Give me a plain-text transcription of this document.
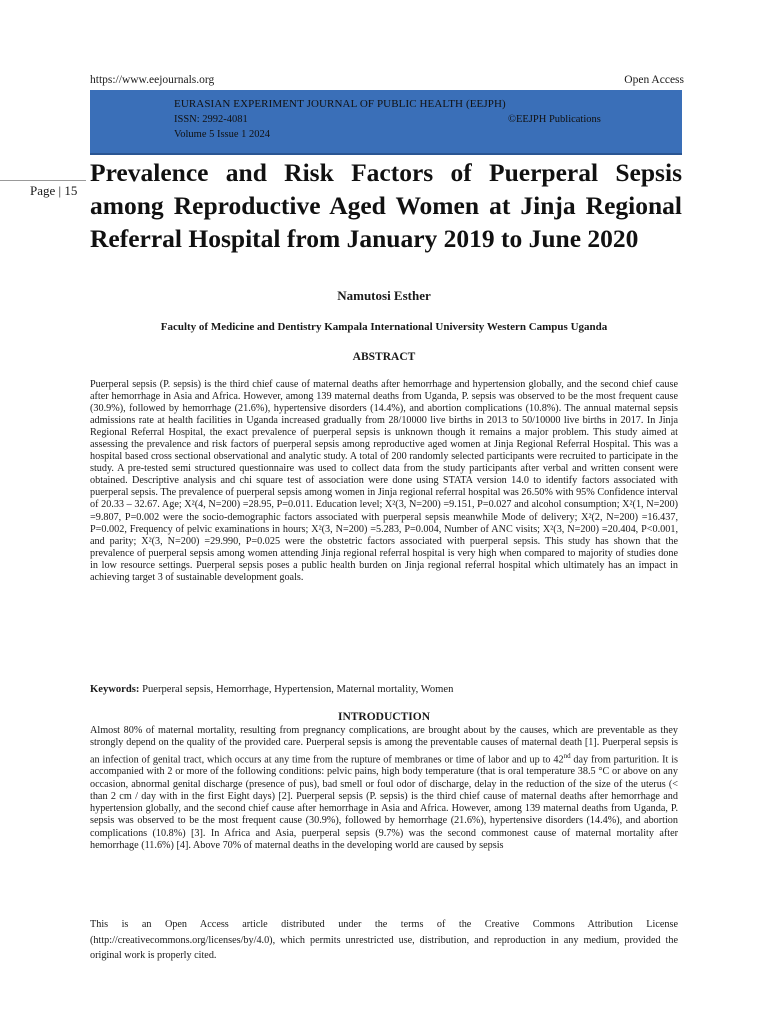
https://www.eejournals.org	Open Access
EURASIAN EXPERIMENT JOURNAL OF PUBLIC HEALTH (EEJPH)
ISSN: 2992-4081	©EEJPH Publications
Volume 5 Issue 1 2024
Page | 15
Prevalence and Risk Factors of Puerperal Sepsis among Reproductive Aged Women at Jinja Regional Referral Hospital from January 2019 to June 2020
Namutosi Esther
Faculty of Medicine and Dentistry Kampala International University Western Campus Uganda
ABSTRACT

Puerperal sepsis (P. sepsis) is the third chief cause of maternal deaths after hemorrhage and hypertension globally, and the second chief cause after hemorrhage in Asia and Africa. However, among 139 maternal deaths from Uganda, P. sepsis was observed to be the most frequent cause (30.9%), followed by hemorrhage (21.6%), hypertensive disorders (14.4%), and abortion complications (10.8%). The annual maternal sepsis admissions rate at health facilities in Uganda increased gradually from 28/10000 live births in 2013 to 50/10000 live births in 2017. In Jinja Regional Referral Hospital, the exact prevalence of puerperal sepsis is unknown though it remains a major problem. This study aimed at assessing the prevalence and risk factors of puerperal sepsis among reproductive aged women at Jinja Regional Referral Hospital. This was a hospital based cross sectional observational and analytic study. A total of 200 randomly selected participants were recruited to participate in the study. A pre-tested semi structured questionnaire was used to collect data from the study participants after verbal and written consent were obtained. Descriptive analysis and chi square test of association were done using STATA version 14.0 to identify factors associated with puerperal sepsis. The prevalence of puerperal sepsis among women in Jinja regional referral hospital was 26.50% with 95% Confidence interval of 20.33 – 32.67. Age; X²(4, N=200) =28.95, P=0.011. Education level; X²(3, N=200) =9.151, P=0.027 and alcohol consumption; X²(1, N=200) =9.807, P=0.002 were the socio-demographic factors associated with puerperal sepsis meanwhile Mode of delivery; X²(2, N=200) =16.437, P=0.002, Frequency of pelvic examinations in hours; X²(3, N=200) =5.283, P=0.004, Number of ANC visits; X²(3, N=200) =20.404, P<0.001, and parity; X²(3, N=200) =29.990, P=0.025 were the obstetric factors associated with puerperal sepsis. This study has shown that the prevalence of puerperal sepsis among women attending Jinja regional referral hospital is very high when compared to majority of studies done in low resource settings. Puerperal sepsis poses a public health burden on Jinja regional referral hospital which ultimately has an impact in achieving target 3 of sustainable development goals.

Keywords: Puerperal sepsis, Hemorrhage, Hypertension, Maternal mortality, Women
INTRODUCTION

Almost 80% of maternal mortality, resulting from pregnancy complications, are brought about by the causes, which are preventable as they strongly depend on the quality of the provided care. Puerperal sepsis is among the preventable causes of maternal death [1]. Puerperal sepsis is an infection of genital tract, which occurs at any time from the rupture of membranes or time of labor and up to 42nd day from parturition. It is accompanied with 2 or more of the following conditions: pelvic pains, high body temperature (that is oral temperature 38.5 °C or above on any occasion, abnormal genital discharge (presence of pus), bad smell or foul odor of discharge, delay in the reduction of the size of the uterus (< than 2 cm / day with in the first Eight days) [2]. Puerperal sepsis (P. sepsis) is the third chief cause of maternal deaths after hemorrhage and hypertension globally, and the second chief cause after hemorrhage in Asia and Africa. However, among 139 maternal deaths from Uganda, P. sepsis was observed to be the most frequent cause (30.9%), followed by hemorrhage (21.6%), hypertensive disorders (14.4%), and abortion complications (10.8%) [3]. In Africa and Asia, puerperal sepsis (9.7%) was the second commonest cause of maternal mortality after hemorrhage (11.6%) [4]. Above 70% of maternal deaths in the developing world are caused by sepsis

This is an Open Access article distributed under the terms of the Creative Commons Attribution License (http://creativecommons.org/licenses/by/4.0), which permits unrestricted use, distribution, and reproduction in any medium, provided the original work is properly cited.
